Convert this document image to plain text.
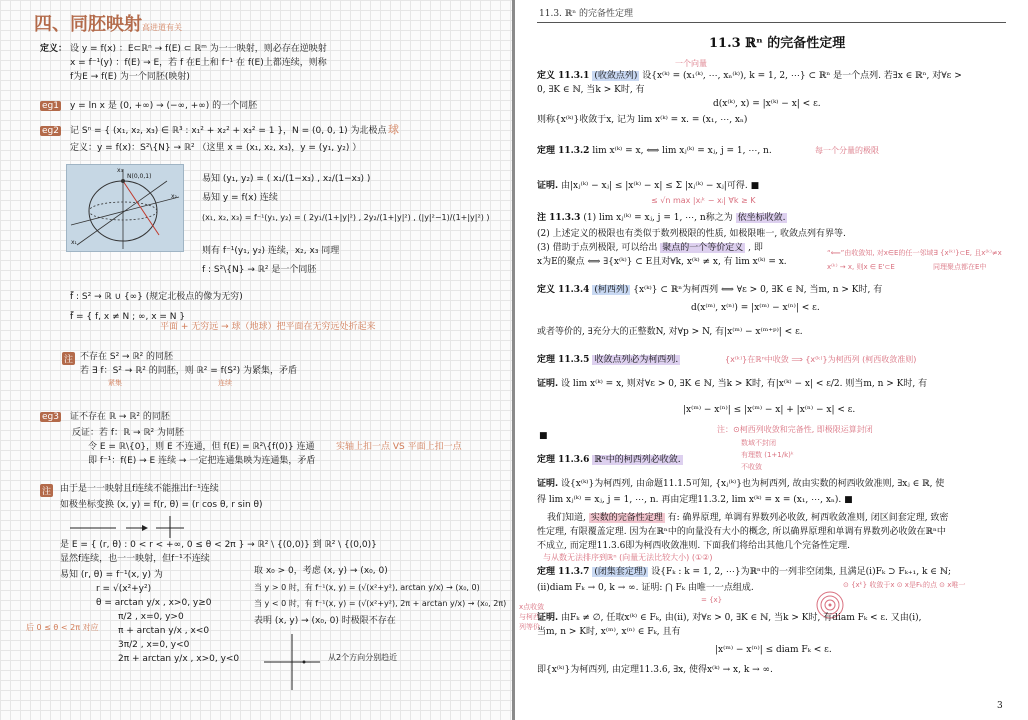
四、同胚映射 高进道有关
定义： 设 y = f(x) ：E⊂ℝⁿ → f(E) ⊂ ℝᵐ 为一一映射，则必存在逆映射
x = f⁻¹(y) ：f(E) → E，若 f 在E上和 f⁻¹ 在 f(E)上都连续，则称
f为E → f(E) 为一个同胚(映射)
eg1 y = ln x 是 (0, +∞) → (−∞, +∞) 的一个同胚
eg2 记 Sⁿ = { (x₁, x₂, x₃) ∈ ℝ³ : x₁² + x₂² + x₃² = 1 }，N = (0, 0, 1) 为北极点 球
定义：y = f(x)：S²\{N} → ℝ² （这里 x = (x₁, x₂, x₃)，y = (y₁, y₂) ）
N(0,0,1)
x₁
x₂
x₃
易知 (y₁, y₂) = ( x₁/(1−x₃) , x₂/(1−x₃) )
易知 y = f(x) 连续
(x₁, x₂, x₃) = f⁻¹(y₁, y₂) = ( 2y₁/(1+|y|²) , 2y₂/(1+|y|²) , (|y|²−1)/(1+|y|²) )
则有 f⁻¹(y₁, y₂) 连续，x₂, x₃ 同理
f : S²\{N} → ℝ² 是一个同胚
f̃ : S² → ℝ ∪ {∞} (规定北极点的像为无穷)
f̃ = { f, x ≠ N ; ∞, x = N }
平面 + 无穷远 → 球（地球）把平面在无穷远处折起来
注 不存在 S² → ℝ² 的同胚
若 ∃ f：S² → ℝ² 的同胚，则 ℝ² = f(S²) 为紧集，矛盾
紧集	连续
eg3 证不存在 ℝ → ℝ² 的同胚
反证：若 f：ℝ → ℝ² 为同胚
令 E = ℝ\{0}，则 E 不连通，但 f(E) = ℝ²\{f(0)} 连通 实轴上扣一点 VS 平面上扣一点
即 f⁻¹：f(E) → E 连续 → 一定把连通集映为连通集，矛盾
注 由于是一一映射且f连续不能推出f⁻¹连续
如极坐标变换 (x, y) = f(r, θ) = (r cos θ, r sin θ)
是 E = { (r, θ) : 0 < r < +∞, 0 ≤ θ < 2π } → ℝ² \ {(0,0)} 到 ℝ² \ {(0,0)}
显然f连续，也一一映射，但f⁻¹不连续
易知 (r, θ) = f⁻¹(x, y) 为
r = √(x²+y²)
θ = arctan y/x , x>0, y≥0
π/2 , x=0, y>0
π + arctan y/x , x<0
3π/2 , x=0, y<0
2π + arctan y/x , x>0, y<0
后 0 ≤ θ < 2π 对应
取 x₀ > 0，考虑 (x, y) → (x₀, 0)
当 y > 0 时，有 f⁻¹(x, y) = (√(x²+y²), arctan y/x) → (x₀, 0)
当 y < 0 时，有 f⁻¹(x, y) = (√(x²+y²), 2π + arctan y/x) → (x₀, 2π)
表明 (x, y) → (x₀, 0) 时极限不存在
从2个方向分别趋近
11.3. ℝⁿ 的完备性定理
11.3 ℝⁿ 的完备性定理
定义 11.3.1 (收敛点列) 设{x⁽ᵏ⁾ = (x₁⁽ᵏ⁾, ⋯, xₙ⁽ᵏ⁾), k = 1, 2, ⋯} ⊂ ℝⁿ 是一个点列. 若∃x ∈ ℝⁿ, 对∀ε >
一个向量
0, ∃K ∈ ℕ, 当k > K时, 有
d(x⁽ᵏ⁾, x) = |x⁽ᵏ⁾ − x| < ε.
则称{x⁽ᵏ⁾}收敛于x, 记为 lim x⁽ᵏ⁾ = x. = (x₁, ⋯, xₙ)
定理 11.3.2 lim x⁽ᵏ⁾ = x, ⟺ lim xⱼ⁽ᵏ⁾ = xⱼ, j = 1, ⋯, n.	每一个分量的极限
证明. 由|xⱼ⁽ᵏ⁾ − xⱼ| ≤ |x⁽ᵏ⁾ − x| ≤ Σ |xⱼ⁽ᵏ⁾ − xⱼ|可得. ■
≤ √n max |xᵢᵏ − xᵢ| ∀k ≥ K
注 11.3.3 (1) lim xⱼ⁽ᵏ⁾ = xⱼ, j = 1, ⋯, n称之为 依坐标收敛.
(2) 上述定义的极限也有类似于数列极限的性质, 如极限唯一, 收敛点列有界等.
(3) 借助于点列极限, 可以给出 聚点的一个等价定义 , 即
x为E的聚点 ⟺ ∃{x⁽ᵏ⁾} ⊂ E且对∀k, x⁽ᵏ⁾ ≠ x, 有 lim x⁽ᵏ⁾ = x.
“⟸”由收敛知, 对x∈E的任一邻域∃ {x⁽ᵏ⁾}⊂E, 且x⁽ᵏ⁾≠x
x⁽ᵏ⁾ → x, 则x ∈ E'⊂E	同理聚点都在E中
定义 11.3.4 (柯西列) {x⁽ᵏ⁾} ⊂ ℝⁿ为柯西列 ⟺ ∀ε > 0, ∃K ∈ ℕ, 当m, n > K时, 有
d(x⁽ᵐ⁾, x⁽ⁿ⁾) = |x⁽ᵐ⁾ − x⁽ⁿ⁾| < ε.
或者等价的, ∃充分大的正整数N, 对∀p > N, 有|x⁽ᵐ⁾ − x⁽ᵐ⁺ᵖ⁾| < ε.
定理 11.3.5 收敛点列必为柯西列.	{x⁽ᵏ⁾}在ℝⁿ中收敛 ⟹ {x⁽ᵏ⁾}为柯西列 (柯西收敛准则)
证明. 设 lim x⁽ᵏ⁾ = x, 则对∀ε > 0, ∃K ∈ ℕ, 当k > K时, 有|x⁽ᵏ⁾ − x| < ε/2. 则当m, n > K时, 有
|x⁽ᵐ⁾ − x⁽ⁿ⁾| ≤ |x⁽ᵐ⁾ − x| + |x⁽ⁿ⁾ − x| < ε.
注：⊙柯西列收敛和完备性, 即极限运算封闭
■
定理 11.3.6 ℝⁿ中的柯西列必收敛.
数域不封闭
有理数 (1+1/k)ᵏ
不收敛
证明. 设{x⁽ᵏ⁾}为柯西列, 由命题11.1.5可知, {xⱼ⁽ᵏ⁾}也为柯西列, 故由实数的柯西收敛准则, ∃xⱼ ∈ ℝ, 使
得 lim xⱼ⁽ᵏ⁾ = xⱼ, j = 1, ⋯, n. 再由定理11.3.2, lim x⁽ᵏ⁾ = x = (x₁, ⋯, xₙ). ■
我们知道, 实数的完备性定理 有: 确界原理, 单调有界数列必收敛, 柯西收敛准则, 闭区间套定理, 致密
性定理, 有限覆盖定理. 因为在ℝⁿ中的向量没有大小的概念, 所以确界原理和单调有界数列必收敛在ℝⁿ中
不成立, 而定理11.3.6即为柯西收敛准则. 下面我们将给出其他几个完备性定理.
与从数无法排序到ℝⁿ (向量无法比较大小) (①②)
定理 11.3.7 (闭集套定理) 设{Fₖ : k = 1, 2, ⋯}为ℝⁿ中的一列非空闭集, 且满足(i)Fₖ ⊃ Fₖ₊₁, k ∈ ℕ;
(ii)diam Fₖ → 0, k → ∞. 证明: ⋂ Fₖ 由唯一一点组成.	⊙ {xᵏ} 收敛于x ⊙ x是Fₖ的点 ⊙ x唯一
= {x}
x点收敛
与柯西
列等价
证明. 由Fₖ ≠ ∅, 任取x⁽ᵏ⁾ ∈ Fₖ, 由(ii), 对∀ε > 0, ∃K ∈ ℕ, 当k > K时, 有diam Fₖ < ε. 又由(i),
当m, n > K时, x⁽ᵐ⁾, x⁽ⁿ⁾ ∈ Fₖ, 且有
|x⁽ᵐ⁾ − x⁽ⁿ⁾| ≤ diam Fₖ < ε.
即{x⁽ᵏ⁾}为柯西列, 由定理11.3.6, ∃x, 使得x⁽ᵏ⁾ → x, k → ∞.
3
